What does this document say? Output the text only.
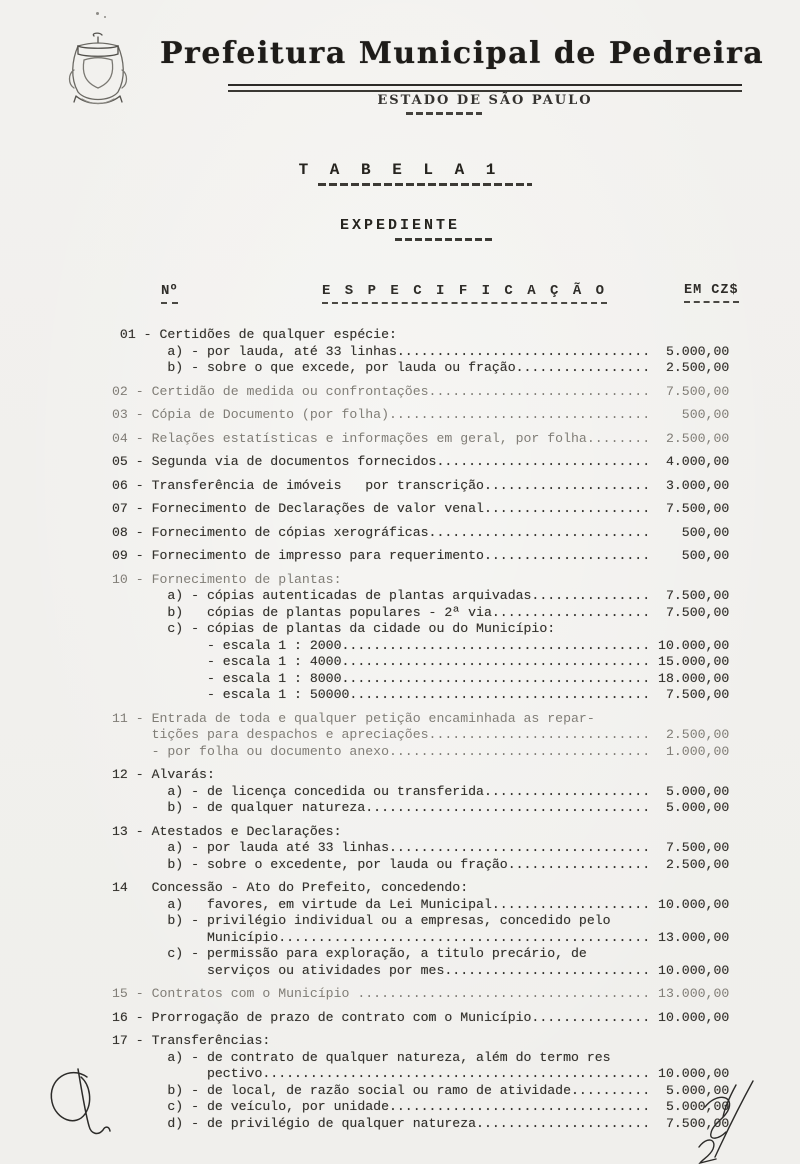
Prefeitura Municipal de Pedreira
ESTADO DE SÃO PAULO
T A B E L A 1
EXPEDIENTE
Nº	E S P E C I F I C A Ç Ã O	EM CZ$
01 - Certidões de qualquer espécie:
a) - por lauda, até 33 linhas................................  5.000,00
b) - sobre o que excede, por lauda ou fração.................  2.500,00
02 - Certidão de medida ou confrontações............................  7.500,00
03 - Cópia de Documento (por folha).................................    500,00
04 - Relações estatísticas e informações em geral, por folha........  2.500,00
05 - Segunda via de documentos fornecidos...........................  4.000,00
06 - Transferência de imóveis   por transcrição.....................  3.000,00
07 - Fornecimento de Declarações de valor venal.....................  7.500,00
08 - Fornecimento de cópias xerográficas............................    500,00
09 - Fornecimento de impresso para requerimento.....................    500,00
10 - Fornecimento de plantas:
a) - cópias autenticadas de plantas arquivadas...............  7.500,00
b)   cópias de plantas populares - 2ª via....................  7.500,00
c) - cópias de plantas da cidade ou do Município:
- escala 1 : 2000....................................... 10.000,00
- escala 1 : 4000....................................... 15.000,00
- escala 1 : 8000....................................... 18.000,00
- escala 1 : 50000......................................  7.500,00
11 - Entrada de toda e qualquer petição encaminhada as repar-
tições para despachos e apreciações............................  2.500,00
- por folha ou documento anexo.................................  1.000,00
12 - Alvarás:
a) - de licença concedida ou transferida.....................  5.000,00
b) - de qualquer natureza....................................  5.000,00
13 - Atestados e Declarações:
a) - por lauda até 33 linhas.................................  7.500,00
b) - sobre o excedente, por lauda ou fração..................  2.500,00
14   Concessão - Ato do Prefeito, concedendo:
a)   favores, em virtude da Lei Municipal.................... 10.000,00
b) - privilégio individual ou a empresas, concedido pelo
Município............................................... 13.000,00
c) - permissão para exploração, a titulo precário, de
serviços ou atividades por mes.......................... 10.000,00
15 - Contratos com o Município ..................................... 13.000,00
16 - Prorrogação de prazo de contrato com o Município............... 10.000,00
17 - Transferências:
a) - de contrato de qualquer natureza, além do termo res
pectivo................................................. 10.000,00
b) - de local, de razão social ou ramo de atividade..........  5.000,00
c) - de veículo, por unidade.................................  5.000,00
d) - de privilégio de qualquer natureza......................  7.500,00
